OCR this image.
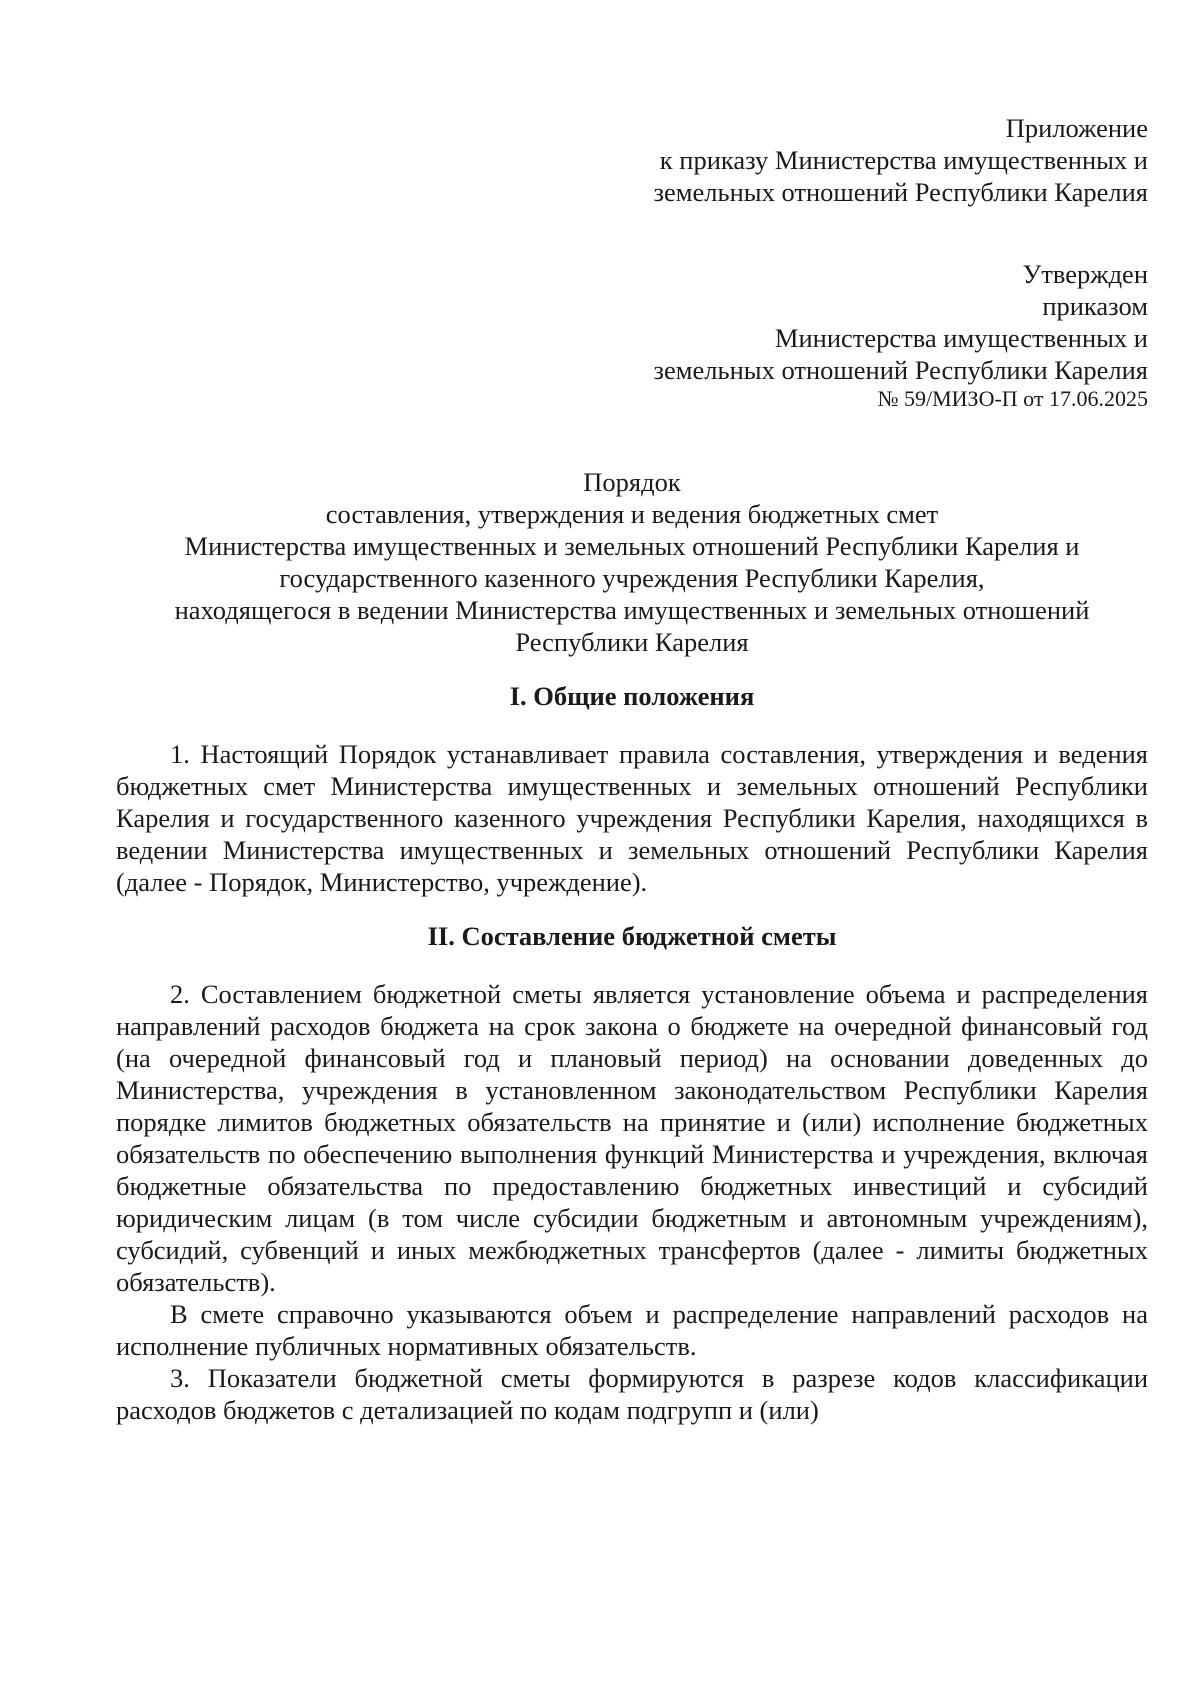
Приложение
к приказу Министерства имущественных и
земельных отношений Республики Карелия
Утвержден
приказом
Министерства имущественных и
земельных отношений Республики Карелия
№ 59/МИЗО-П от 17.06.2025
Порядок
составления, утверждения и ведения бюджетных смет
Министерства имущественных и земельных отношений Республики Карелия и
государственного казенного учреждения Республики Карелия,
находящегося в ведении Министерства имущественных и земельных отношений
Республики Карелия
I. Общие положения

1. Настоящий Порядок устанавливает правила составления, утверждения и ведения бюджетных смет Министерства имущественных и земельных отношений Республики Карелия и государственного казенного учреждения Республики Карелия, находящихся в ведении Министерства имущественных и земельных отношений Республики Карелия (далее - Порядок, Министерство, учреждение).

II. Составление бюджетной сметы

2. Составлением бюджетной сметы является установление объема и распределения направлений расходов бюджета на срок закона о бюджете на очередной финансовый год (на очередной финансовый год и плановый период) на основании доведенных до Министерства, учреждения в установленном законодательством Республики Карелия порядке лимитов бюджетных обязательств на принятие и (или) исполнение бюджетных обязательств по обеспечению выполнения функций Министерства и учреждения, включая бюджетные обязательства по предоставлению бюджетных инвестиций и субсидий юридическим лицам (в том числе субсидии бюджетным и автономным учреждениям), субсидий, субвенций и иных межбюджетных трансфертов (далее - лимиты бюджетных обязательств).

В смете справочно указываются объем и распределение направлений расходов на исполнение публичных нормативных обязательств.

3. Показатели бюджетной сметы формируются в разрезе кодов классификации расходов бюджетов с детализацией по кодам подгрупп и (или)
